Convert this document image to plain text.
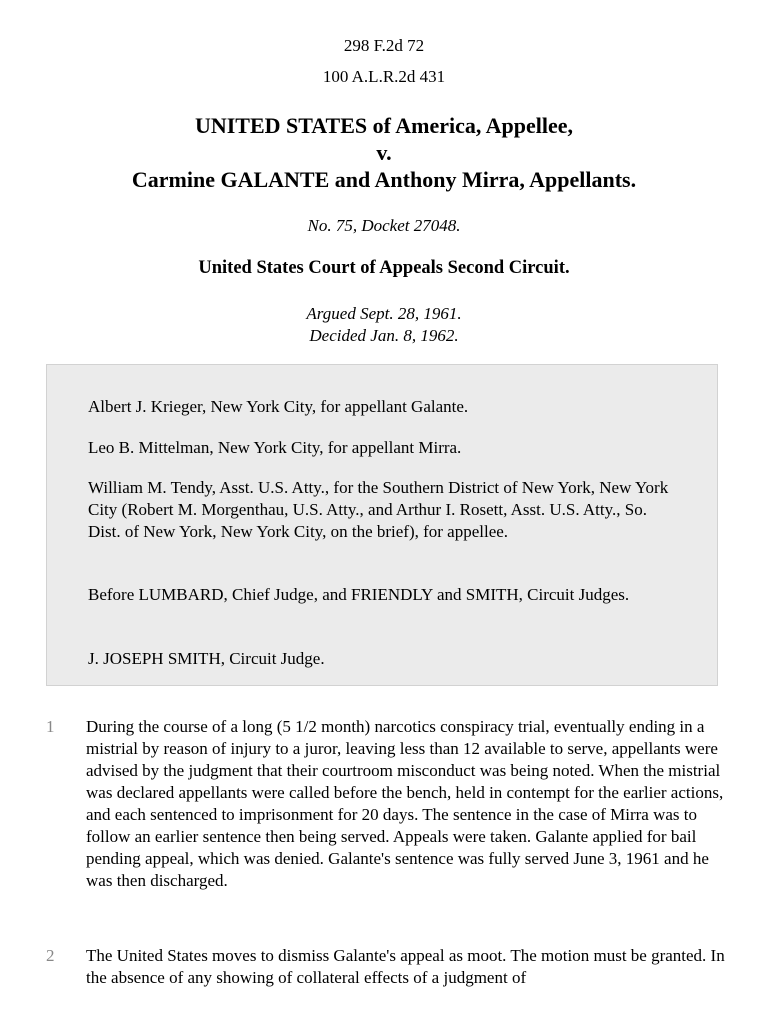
298 F.2d 72
100 A.L.R.2d 431
UNITED STATES of America, Appellee,
v.
Carmine GALANTE and Anthony Mirra, Appellants.
No. 75, Docket 27048.
United States Court of Appeals Second Circuit.
Argued Sept. 28, 1961.
Decided Jan. 8, 1962.

Albert J. Krieger, New York City, for appellant Galante.

Leo B. Mittelman, New York City, for appellant Mirra.

William M. Tendy, Asst. U.S. Atty., for the Southern District of New York, New York City (Robert M. Morgenthau, U.S. Atty., and Arthur I. Rosett, Asst. U.S. Atty., So. Dist. of New York, New York City, on the brief), for appellee.

Before LUMBARD, Chief Judge, and FRIENDLY and SMITH, Circuit Judges.

J. JOSEPH SMITH, Circuit Judge.

1 During the course of a long (5 1/2 month) narcotics conspiracy trial, eventually ending in a mistrial by reason of injury to a juror, leaving less than 12 available to serve, appellants were advised by the judgment that their courtroom misconduct was being noted. When the mistrial was declared appellants were called before the bench, held in contempt for the earlier actions, and each sentenced to imprisonment for 20 days. The sentence in the case of Mirra was to follow an earlier sentence then being served. Appeals were taken. Galante applied for bail pending appeal, which was denied. Galante's sentence was fully served June 3, 1961 and he was then discharged.
2 The United States moves to dismiss Galante's appeal as moot. The motion must be granted. In the absence of any showing of collateral effects of a judgment of
